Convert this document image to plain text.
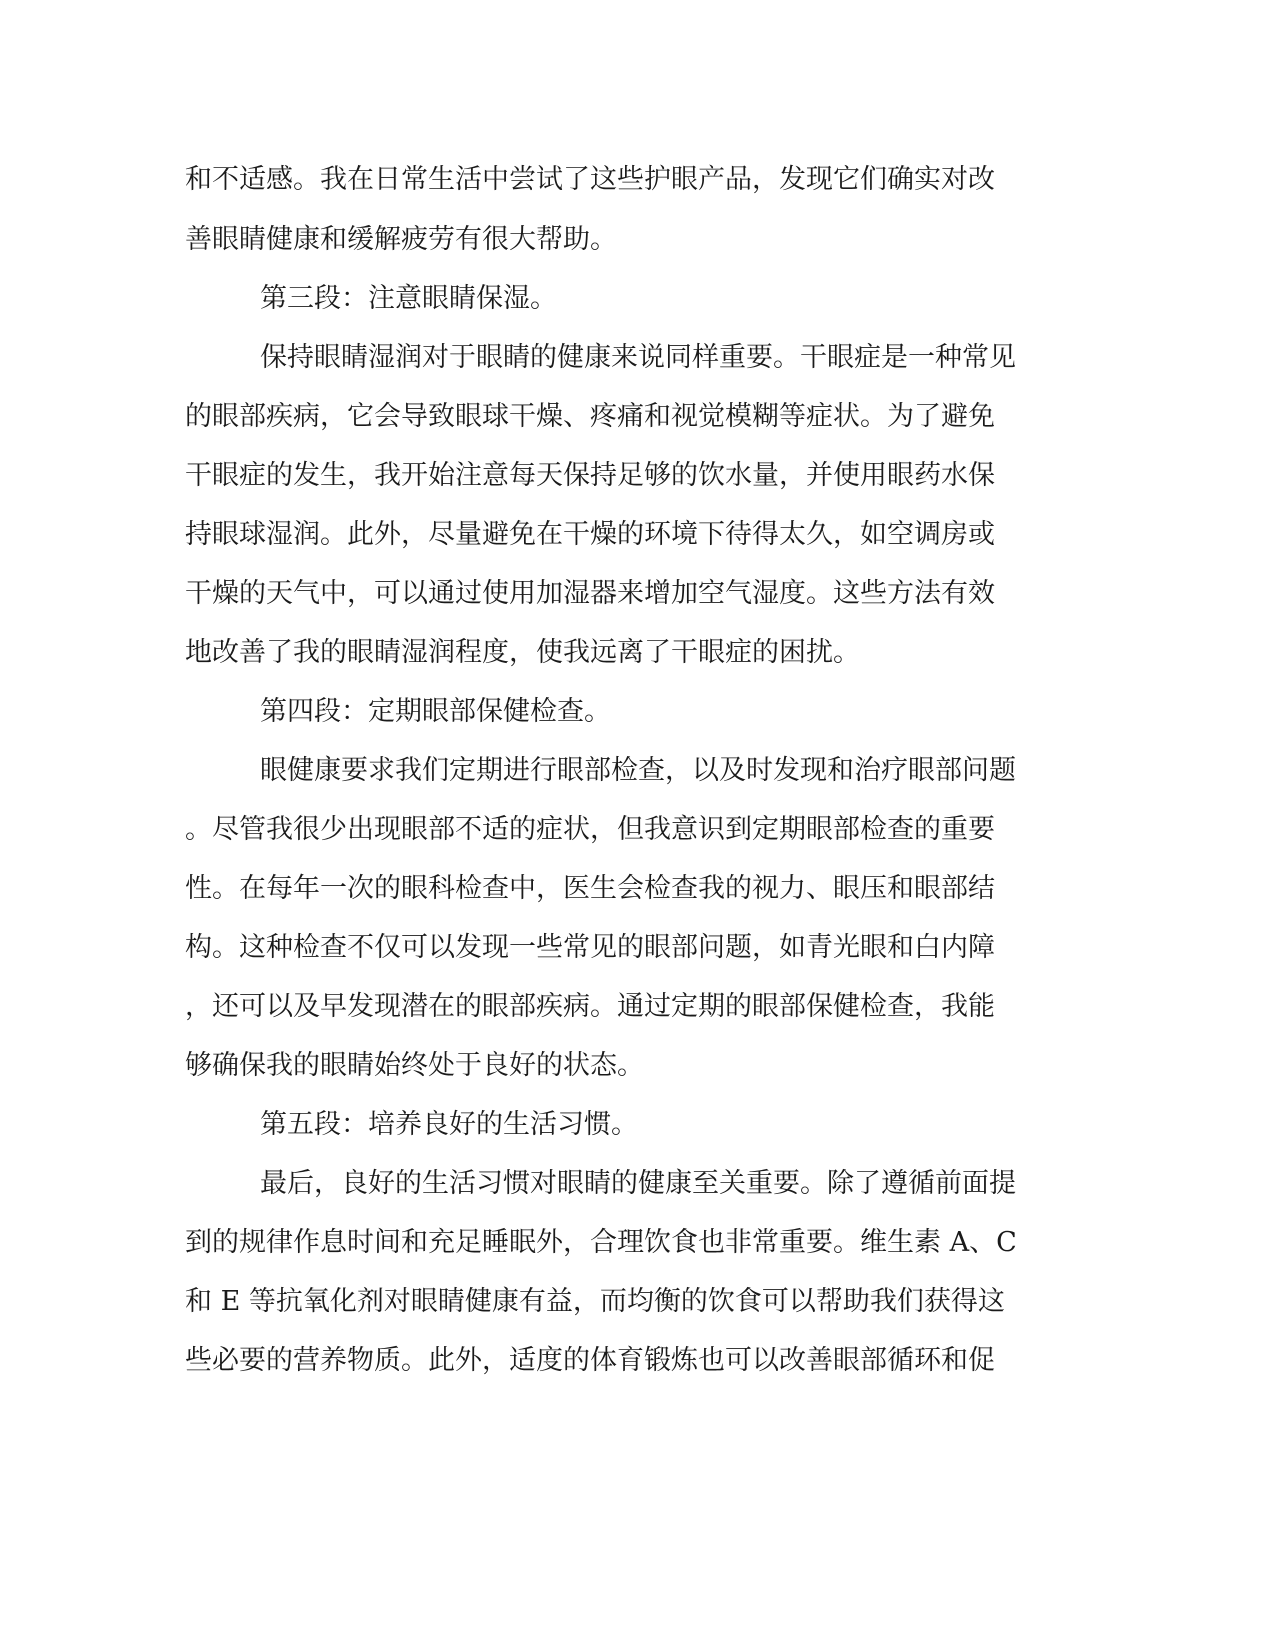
和不适感。我在日常生活中尝试了这些护眼产品，发现它们确实对改
善眼睛健康和缓解疲劳有很大帮助。
第三段：注意眼睛保湿。
保持眼睛湿润对于眼睛的健康来说同样重要。干眼症是一种常见
的眼部疾病，它会导致眼球干燥、疼痛和视觉模糊等症状。为了避免
干眼症的发生，我开始注意每天保持足够的饮水量，并使用眼药水保
持眼球湿润。此外，尽量避免在干燥的环境下待得太久，如空调房或
干燥的天气中，可以通过使用加湿器来增加空气湿度。这些方法有效
地改善了我的眼睛湿润程度，使我远离了干眼症的困扰。
第四段：定期眼部保健检查。
眼健康要求我们定期进行眼部检查，以及时发现和治疗眼部问题
。尽管我很少出现眼部不适的症状，但我意识到定期眼部检查的重要
性。在每年一次的眼科检查中，医生会检查我的视力、眼压和眼部结
构。这种检查不仅可以发现一些常见的眼部问题，如青光眼和白内障
，还可以及早发现潜在的眼部疾病。通过定期的眼部保健检查，我能
够确保我的眼睛始终处于良好的状态。
第五段：培养良好的生活习惯。
最后，良好的生活习惯对眼睛的健康至关重要。除了遵循前面提
到的规律作息时间和充足睡眠外，合理饮食也非常重要。维生素 A、C
和 E 等抗氧化剂对眼睛健康有益，而均衡的饮食可以帮助我们获得这
些必要的营养物质。此外，适度的体育锻炼也可以改善眼部循环和促
